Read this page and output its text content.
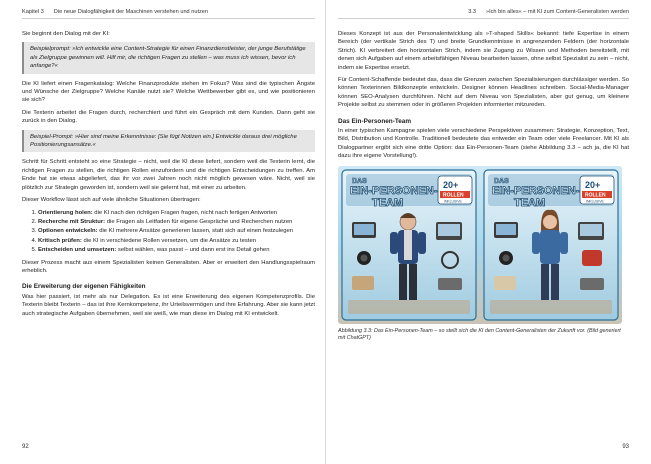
Kapitel 3 Die neue Dialogfähigkeit der Maschinen verstehen und nutzen

Sie beginnt den Dialog mit der KI:

Beispielprompt: »Ich entwickle eine Content-Strategie für einen Finanzdienstleister, der junge Berufstätige als Zielgruppe gewinnen will. Hilf mir, die richtigen Fragen zu stellen – was muss ich wissen, bevor ich anfange?«

Die KI liefert einen Fragenkatalog: Welche Finanzprodukte stehen im Fokus? Was sind die typischen Ängste und Wünsche der Zielgruppe? Welche Kanäle nutzt sie? Welche Wettbewerber gibt es, und wie positionieren sie sich?

Die Texterin arbeitet die Fragen durch, recherchiert und führt ein Gespräch mit dem Kunden. Dann geht sie zurück in den Dialog.

Beispiel-Prompt: »Hier sind meine Erkenntnisse: [Sie fügt Notizen ein.] Entwickle daraus drei mögliche Positionierungsansätze.«

Schritt für Schritt entsteht so eine Strategie – nicht, weil die KI diese liefert, sondern weil die Texterin lernt, die richtigen Fragen zu stellen, die richtigen Rollen einzufordern und die richtigen Entscheidungen zu treffen. Am Ende hat sie etwas abgeliefert, das ihr vor zwei Jahren noch nicht möglich gewesen wäre. Nicht, weil sie plötzlich zur Strategin geworden ist, sondern weil sie gelernt hat, mit einer zu arbeiten.

Dieser Workflow lässt sich auf viele ähnliche Situationen übertragen:

1. Orientierung holen: die KI nach den richtigen Fragen fragen, nicht nach fertigen Antworten
2. Recherche mit Struktur: die Fragen als Leitfaden für eigene Gespräche und Recherchen nutzen
3. Optionen entwickeln: die KI mehrere Ansätze generieren lassen, statt sich auf einen festzulegen
4. Kritisch prüfen: die KI in verschiedene Rollen versetzen, um die Ansätze zu testen
5. Entscheiden und umsetzen: selbst wählen, was passt – und dann erst ins Detail gehen

Dieser Prozess macht aus einem Spezialisten keinen Generalisten. Aber er erweitert den Handlungsspielraum erheblich.

Die Erweiterung der eigenen Fähigkeiten

Was hier passiert, ist mehr als nur Delegation. Es ist eine Erweiterung des eigenen Kompetenzprofils. Die Texterin bleibt Texterin – das ist ihre Kernkompetenz, ihr Urteilsvermögen und ihre Erfahrung. Aber sie kann jetzt auch strategische Aufgaben übernehmen, weil sie weiß, wie man diese im Dialog mit KI entwickelt.

92
3.3 »Ich bin alles« – mit KI zum Content-Generalisten werden

Dieses Konzept ist aus der Personalentwicklung als »T-shaped Skills« bekannt: tiefe Expertise in einem Bereich (der vertikale Strich des T) und breite Grundkenntnisse in angrenzenden Feldern (der horizontale Strich). KI verbreitert den horizontalen Strich, indem sie Zugang zu Wissen und Methoden bereitstellt, mit denen sich Aufgaben auf einem arbeitsfähigen Niveau bearbeiten lassen, ohne selbst Spezialist zu sein – nicht, indem sie Expertise ersetzt.

Für Content-Schaffende bedeutet das, dass die Grenzen zwischen Spezialisierungen durchlässiger werden. So können Texterinnen Bildkonzepte entwickeln. Designer können Headlines schreiben. Social-Media-Manager können SEO-Analysen durchführen. Nicht auf dem Niveau von Spezialisten, aber gut genug, um kleinere Projekte selbst zu stemmen oder in größeren Projekten informierter mitzureden.

Das Ein-Personen-Team

In einer typischen Kampagne spielen viele verschiedene Perspektiven zusammen: Strategie, Konzeption, Text, Bild, Distribution und Kontrolle. Traditionell bedeutete das entweder ein Team oder viele Freelancer. Mit KI als Dialogpartner ergibt sich eine dritte Option: das Ein-Personen-Team (siehe Abbildung 3.3 – ach ja, die KI hat dazu ihre eigene Vorstellung!).

DAS
EIN-PERSONEN-
TEAM
20+
ROLLEN
INKLUSIVE
DAS
EIN-PERSONEN-
TEAM
20+
ROLLEN
INKLUSIVE
Abbildung 3.3: Das Ein-Personen-Team – so stellt sich die KI den Content-Generalisten der Zukunft vor. (Bild generiert mit ChatGPT)
93
